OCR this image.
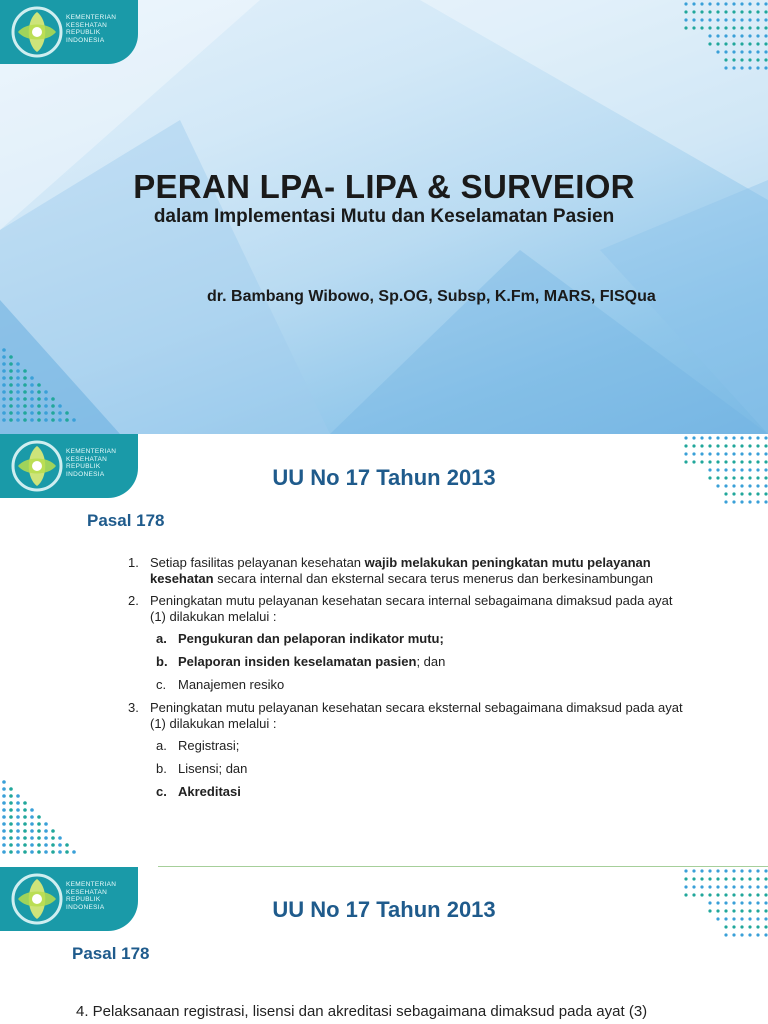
KEMENTERIAN
KESEHATAN
REPUBLIK
INDONESIA
PERAN LPA- LIPA & SURVEIOR
dalam Implementasi Mutu dan Keselamatan Pasien
dr. Bambang Wibowo, Sp.OG, Subsp, K.Fm, MARS, FISQua
KEMENTERIAN
KESEHATAN
REPUBLIK
INDONESIA	UU No 17 Tahun 2013
Pasal 178
1. Setiap fasilitas pelayanan kesehatan wajib melakukan peningkatan mutu pelayanan kesehatan secara internal dan eksternal secara terus menerus dan berkesinambungan
2. Peningkatan mutu pelayanan kesehatan secara internal sebagaimana dimaksud pada ayat (1) dilakukan melalui :
a. Pengukuran dan pelaporan indikator mutu;
b. Pelaporan insiden keselamatan pasien; dan
c. Manajemen resiko
3. Peningkatan mutu pelayanan kesehatan secara eksternal sebagaimana dimaksud pada ayat (1) dilakukan melalui :
a. Registrasi;
b. Lisensi; dan
c. Akreditasi
KEMENTERIAN
KESEHATAN
REPUBLIK
INDONESIA	UU No 17 Tahun 2013
Pasal 178
4. Pelaksanaan registrasi, lisensi dan akreditasi sebagaimana dimaksud pada ayat (3)
